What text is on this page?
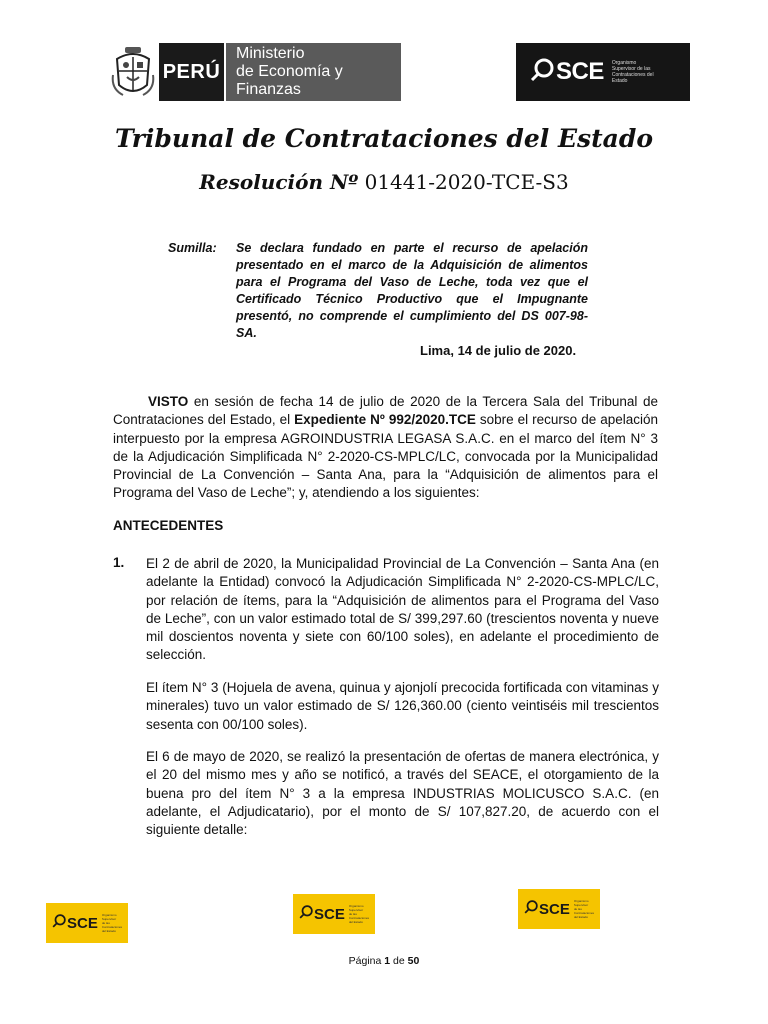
PERÚ
Ministerio
de Economía y Finanzas
SCE Organismo Supervisor de las Contrataciones del Estado
Tribunal de Contrataciones del Estado
Resolución Nº 01441-2020-TCE-S3
Sumilla:	Se declara fundado en parte el recurso de apelación presentado en el marco de la Adquisición de alimentos para el Programa del Vaso de Leche, toda vez que el Certificado Técnico Productivo que el Impugnante presentó, no comprende el cumplimiento del DS 007-98-SA.
Lima, 14 de julio de 2020.
VISTO en sesión de fecha 14 de julio de 2020 de la Tercera Sala del Tribunal de Contrataciones del Estado, el Expediente Nº 992/2020.TCE sobre el recurso de apelación interpuesto por la empresa AGROINDUSTRIA LEGASA S.A.C. en el marco del ítem N° 3 de la Adjudicación Simplificada N° 2-2020-CS-MPLC/LC, convocada por la Municipalidad Provincial de La Convención – Santa Ana, para la “Adquisición de alimentos para el Programa del Vaso de Leche”; y, atendiendo a los siguientes:
ANTECEDENTES
1. El 2 de abril de 2020, la Municipalidad Provincial de La Convención – Santa Ana (en adelante la Entidad) convocó la Adjudicación Simplificada N° 2-2020-CS-MPLC/LC, por relación de ítems, para la “Adquisición de alimentos para el Programa del Vaso de Leche”, con un valor estimado total de S/ 399,297.60 (trescientos noventa y nueve mil doscientos noventa y siete con 60/100 soles), en adelante el procedimiento de selección.
El ítem N° 3 (Hojuela de avena, quinua y ajonjolí precocida fortificada con vitaminas y minerales) tuvo un valor estimado de S/ 126,360.00 (ciento veintiséis mil trescientos sesenta con 00/100 soles).
El 6 de mayo de 2020, se realizó la presentación de ofertas de manera electrónica, y el 20 del mismo mes y año se notificó, a través del SEACE, el otorgamiento de la buena pro del ítem N° 3 a la empresa INDUSTRIAS MOLICUSCO S.A.C. (en adelante, el Adjudicatario), por el monto de S/ 107,827.20, de acuerdo con el siguiente detalle:
SCE Organismo Supervisor de las Contrataciones del Estado
SCE Organismo Supervisor de las Contrataciones del Estado
SCE Organismo Supervisor de las Contrataciones del Estado
Página 1 de 50
